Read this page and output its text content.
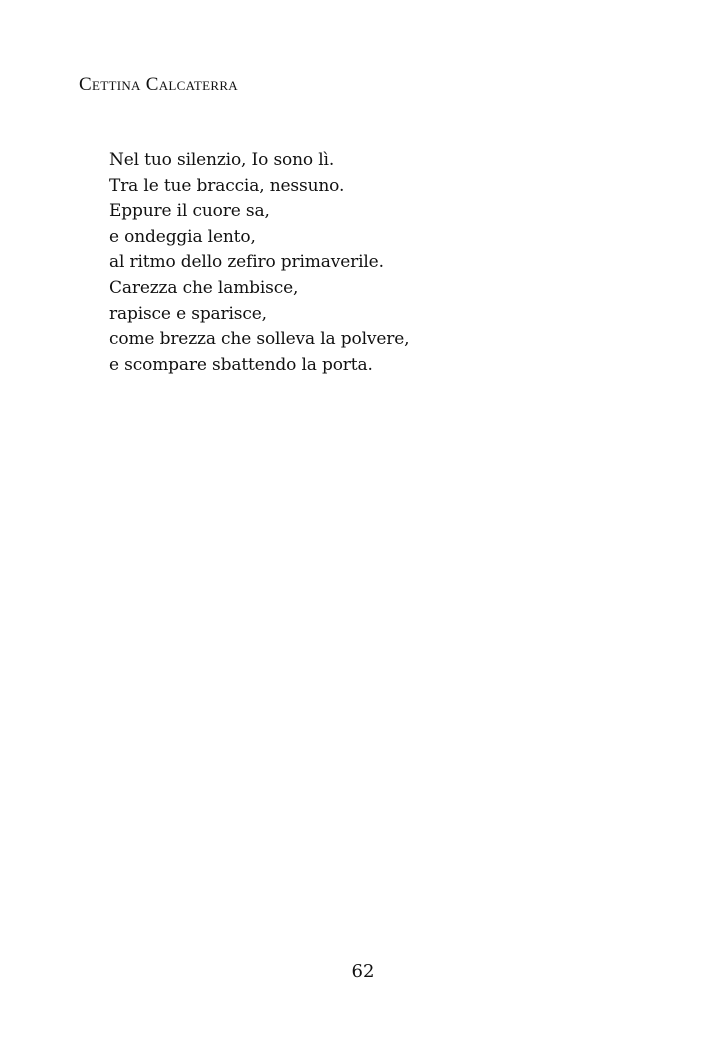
Cettina Calcaterra
Nel tuo silenzio, Io sono lì.
Tra le tue braccia, nessuno.
Eppure il cuore sa,
e ondeggia lento,
al ritmo dello zefiro primaverile.
Carezza che lambisce,
rapisce e sparisce,
come brezza che solleva la polvere,
e scompare sbattendo la porta.
62
